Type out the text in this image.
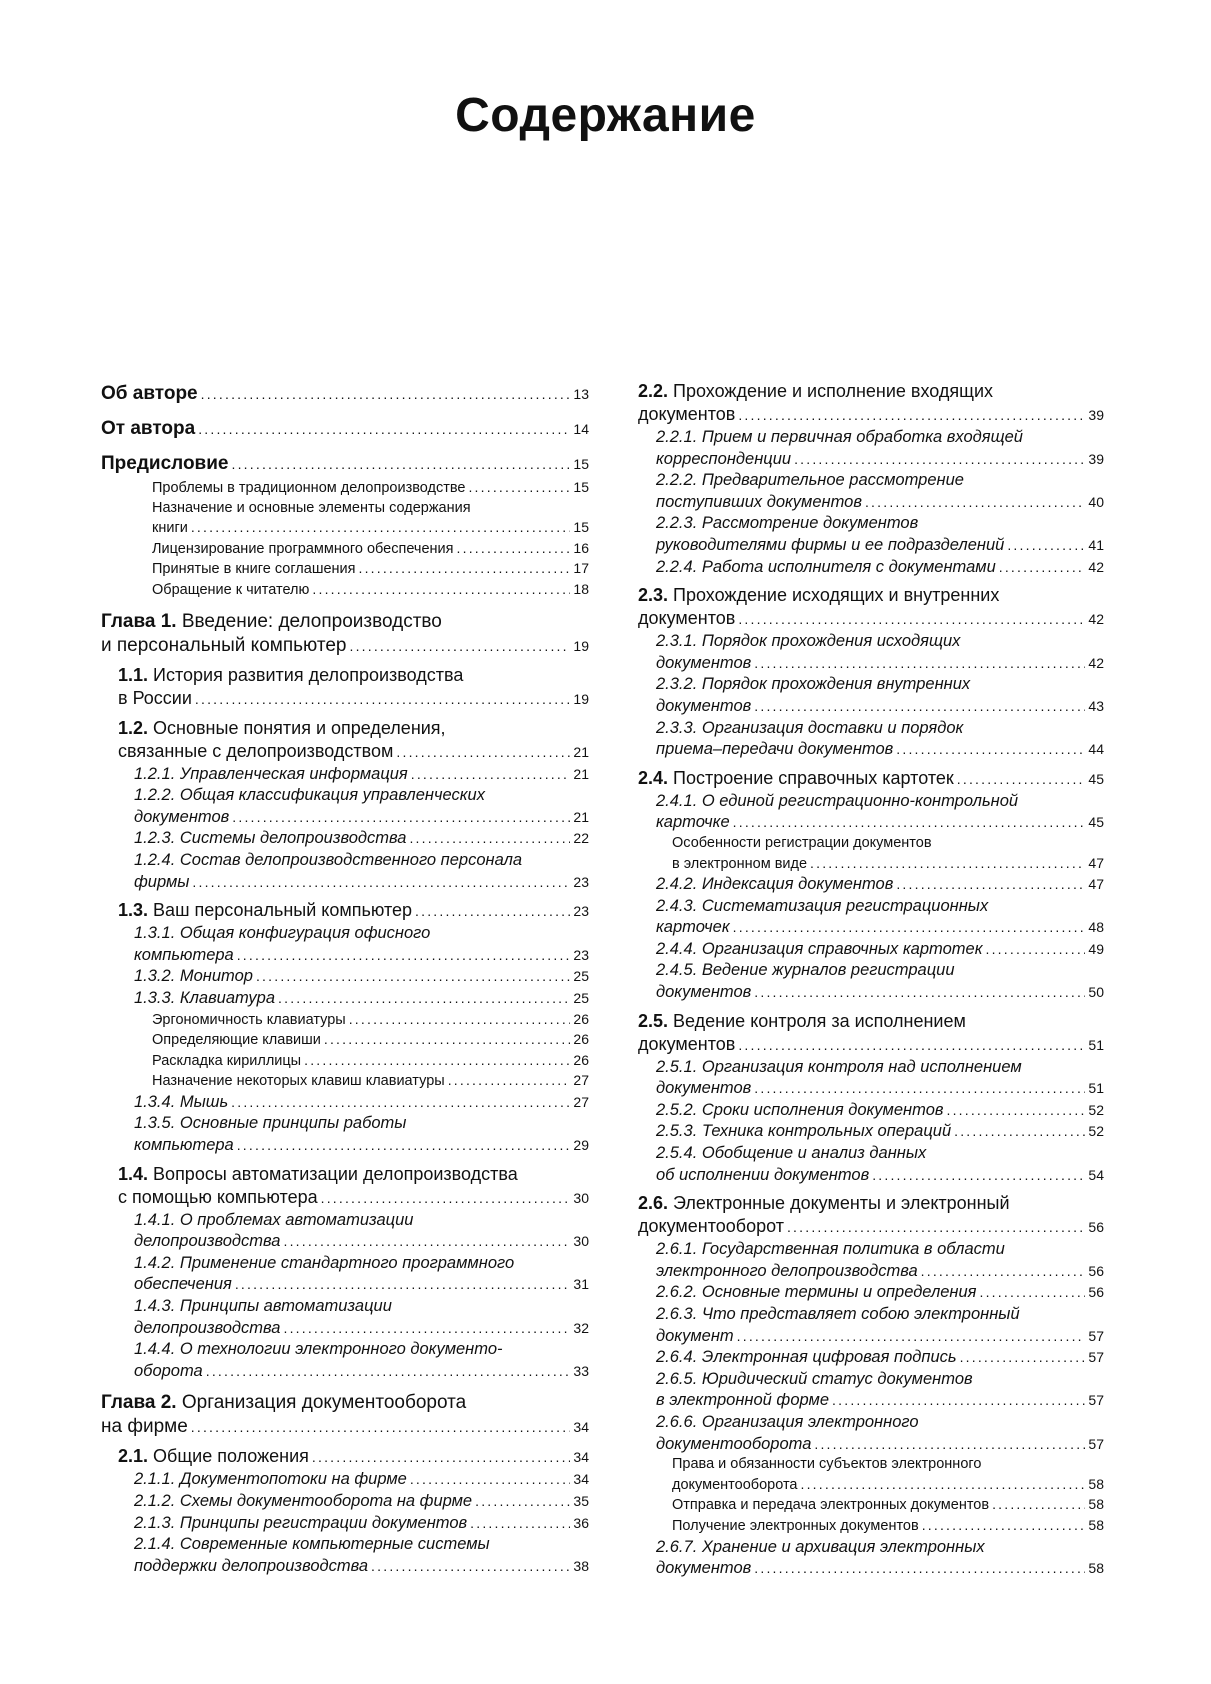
Содержание
Об авторе .....	13
От автора .....	14
Предисловие .....	15
Проблемы в традиционном делопроизводстве .....	15
Назначение и основные элементы содержания
книги .....	15
Лицензирование программного обеспечения .....	16
Принятые в книге соглашения .....	17
Обращение к читателю .....	18
Глава 1. Введение: делопроизводство
и персональный компьютер .....	19
1.1. История развития делопроизводства
в России .....	19
1.2. Основные понятия и определения,
связанные с делопроизводством .....	21
1.2.1. Управленческая информация .....	21
1.2.2. Общая классификация управленческих
документов .....	21
1.2.3. Системы делопроизводства .....	22
1.2.4. Состав делопроизводственного персонала
фирмы .....	23
1.3. Ваш персональный компьютер .....	23
1.3.1. Общая конфигурация офисного
компьютера .....	23
1.3.2. Монитор .....	25
1.3.3. Клавиатура .....	25
Эргономичность клавиатуры .....	26
Определяющие клавиши .....	26
Раскладка кириллицы .....	26
Назначение некоторых клавиш клавиатуры .....	27
1.3.4. Мышь .....	27
1.3.5. Основные принципы работы
компьютера .....	29
1.4. Вопросы автоматизации делопроизводства
с помощью компьютера .....	30
1.4.1. О проблемах автоматизации
делопроизводства .....	30
1.4.2. Применение стандартного программного
обеспечения .....	31
1.4.3. Принципы автоматизации
делопроизводства .....	32
1.4.4. О технологии электронного документо-
оборота .....	33
Глава 2. Организация документооборота
на фирме .....	34
2.1. Общие положения .....	34
2.1.1. Документопотоки на фирме .....	34
2.1.2. Схемы документооборота на фирме .....	35
2.1.3. Принципы регистрации документов .....	36
2.1.4. Современные компьютерные системы
поддержки делопроизводства .....	38
2.2. Прохождение и исполнение входящих
документов .....	39
2.2.1. Прием и первичная обработка входящей
корреспонденции .....	39
2.2.2. Предварительное рассмотрение
поступивших документов .....	40
2.2.3. Рассмотрение документов
руководителями фирмы и ее подразделений .....	41
2.2.4. Работа исполнителя с документами .....	42
2.3. Прохождение исходящих и внутренних
документов .....	42
2.3.1. Порядок прохождения исходящих
документов .....	42
2.3.2. Порядок прохождения внутренних
документов .....	43
2.3.3. Организация доставки и порядок
приема–передачи документов .....	44
2.4. Построение справочных картотек .....	45
2.4.1. О единой регистрационно-контрольной
карточке .....	45
Особенности регистрации документов
в электронном виде .....	47
2.4.2. Индексация документов .....	47
2.4.3. Систематизация регистрационных
карточек .....	48
2.4.4. Организация справочных картотек .....	49
2.4.5. Ведение журналов регистрации
документов .....	50
2.5. Ведение контроля за исполнением
документов .....	51
2.5.1. Организация контроля над исполнением
документов .....	51
2.5.2. Сроки исполнения документов .....	52
2.5.3. Техника контрольных операций .....	52
2.5.4. Обобщение и анализ данных
об исполнении документов .....	54
2.6. Электронные документы и электронный
документооборот .....	56
2.6.1. Государственная политика в области
электронного делопроизводства .....	56
2.6.2. Основные термины и определения .....	56
2.6.3. Что представляет собою электронный
документ .....	57
2.6.4. Электронная цифровая подпись .....	57
2.6.5. Юридический статус документов
в электронной форме .....	57
2.6.6. Организация электронного
документооборота .....	57
Права и обязанности субъектов электронного
документооборота .....	58
Отправка и передача электронных документов .....	58
Получение электронных документов .....	58
2.6.7. Хранение и архивация электронных
документов .....	58
